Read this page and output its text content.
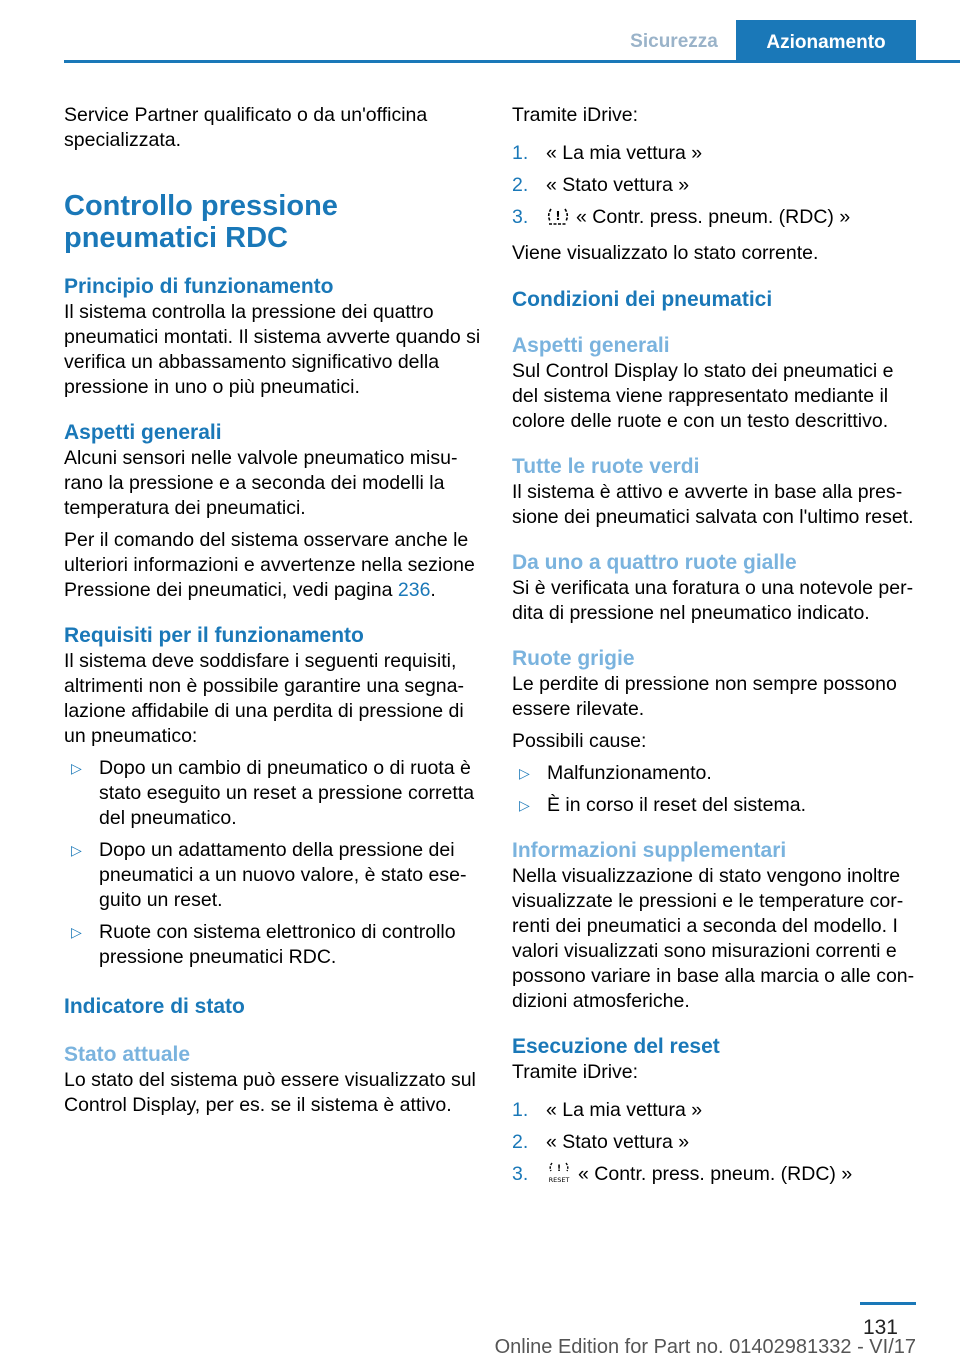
Sicurezza	Azionamento

Service Partner qualificato o da un'officina specializzata.

Controllo pressione pneumatici RDC

Principio di funzionamento

Il sistema controlla la pressione dei quattro pneumatici montati. Il sistema avverte quando si verifica un abbassamento significativo della pressione in uno o più pneumatici.

Aspetti generali

Alcuni sensori nelle valvole pneumatico misurano la pressione e a seconda dei modelli la temperatura dei pneumatici.

Per il comando del sistema osservare anche le ulteriori informazioni e avvertenze nella sezione Pressione dei pneumatici, vedi pagina 236.

Requisiti per il funzionamento

Il sistema deve soddisfare i seguenti requisiti, altrimenti non è possibile garantire una segnalazione affidabile di una perdita di pressione di un pneumatico:

▷ Dopo un cambio di pneumatico o di ruota è stato eseguito un reset a pressione corretta del pneumatico.
▷ Dopo un adattamento della pressione dei pneumatici a un nuovo valore, è stato eseguito un reset.
▷ Ruote con sistema elettronico di controllo pressione pneumatici RDC.

Indicatore di stato

Stato attuale

Lo stato del sistema può essere visualizzato sul Control Display, per es. se il sistema è attivo.

Tramite iDrive:

1. « La mia vettura »
2. « Stato vettura »
3. ! « Contr. press. pneum. (RDC) »

Viene visualizzato lo stato corrente.

Condizioni dei pneumatici

Aspetti generali

Sul Control Display lo stato dei pneumatici e del sistema viene rappresentato mediante il colore delle ruote e con un testo descrittivo.

Tutte le ruote verdi

Il sistema è attivo e avverte in base alla pressione dei pneumatici salvata con l'ultimo reset.

Da uno a quattro ruote gialle

Si è verificata una foratura o una notevole perdita di pressione nel pneumatico indicato.

Ruote grigie

Le perdite di pressione non sempre possono essere rilevate.

Possibili cause:

▷ Malfunzionamento.
▷ È in corso il reset del sistema.

Informazioni supplementari

Nella visualizzazione di stato vengono inoltre visualizzate le pressioni e le temperature correnti dei pneumatici a seconda del modello. I valori visualizzati sono misurazioni correnti e possono variare in base alla marcia o alle condizioni atmosferiche.

Esecuzione del reset

Tramite iDrive:

1. « La mia vettura »
2. « Stato vettura »
3.	!
RESET « Contr. press. pneum. (RDC) »
131
Online Edition for Part no. 01402981332 - VI/17
